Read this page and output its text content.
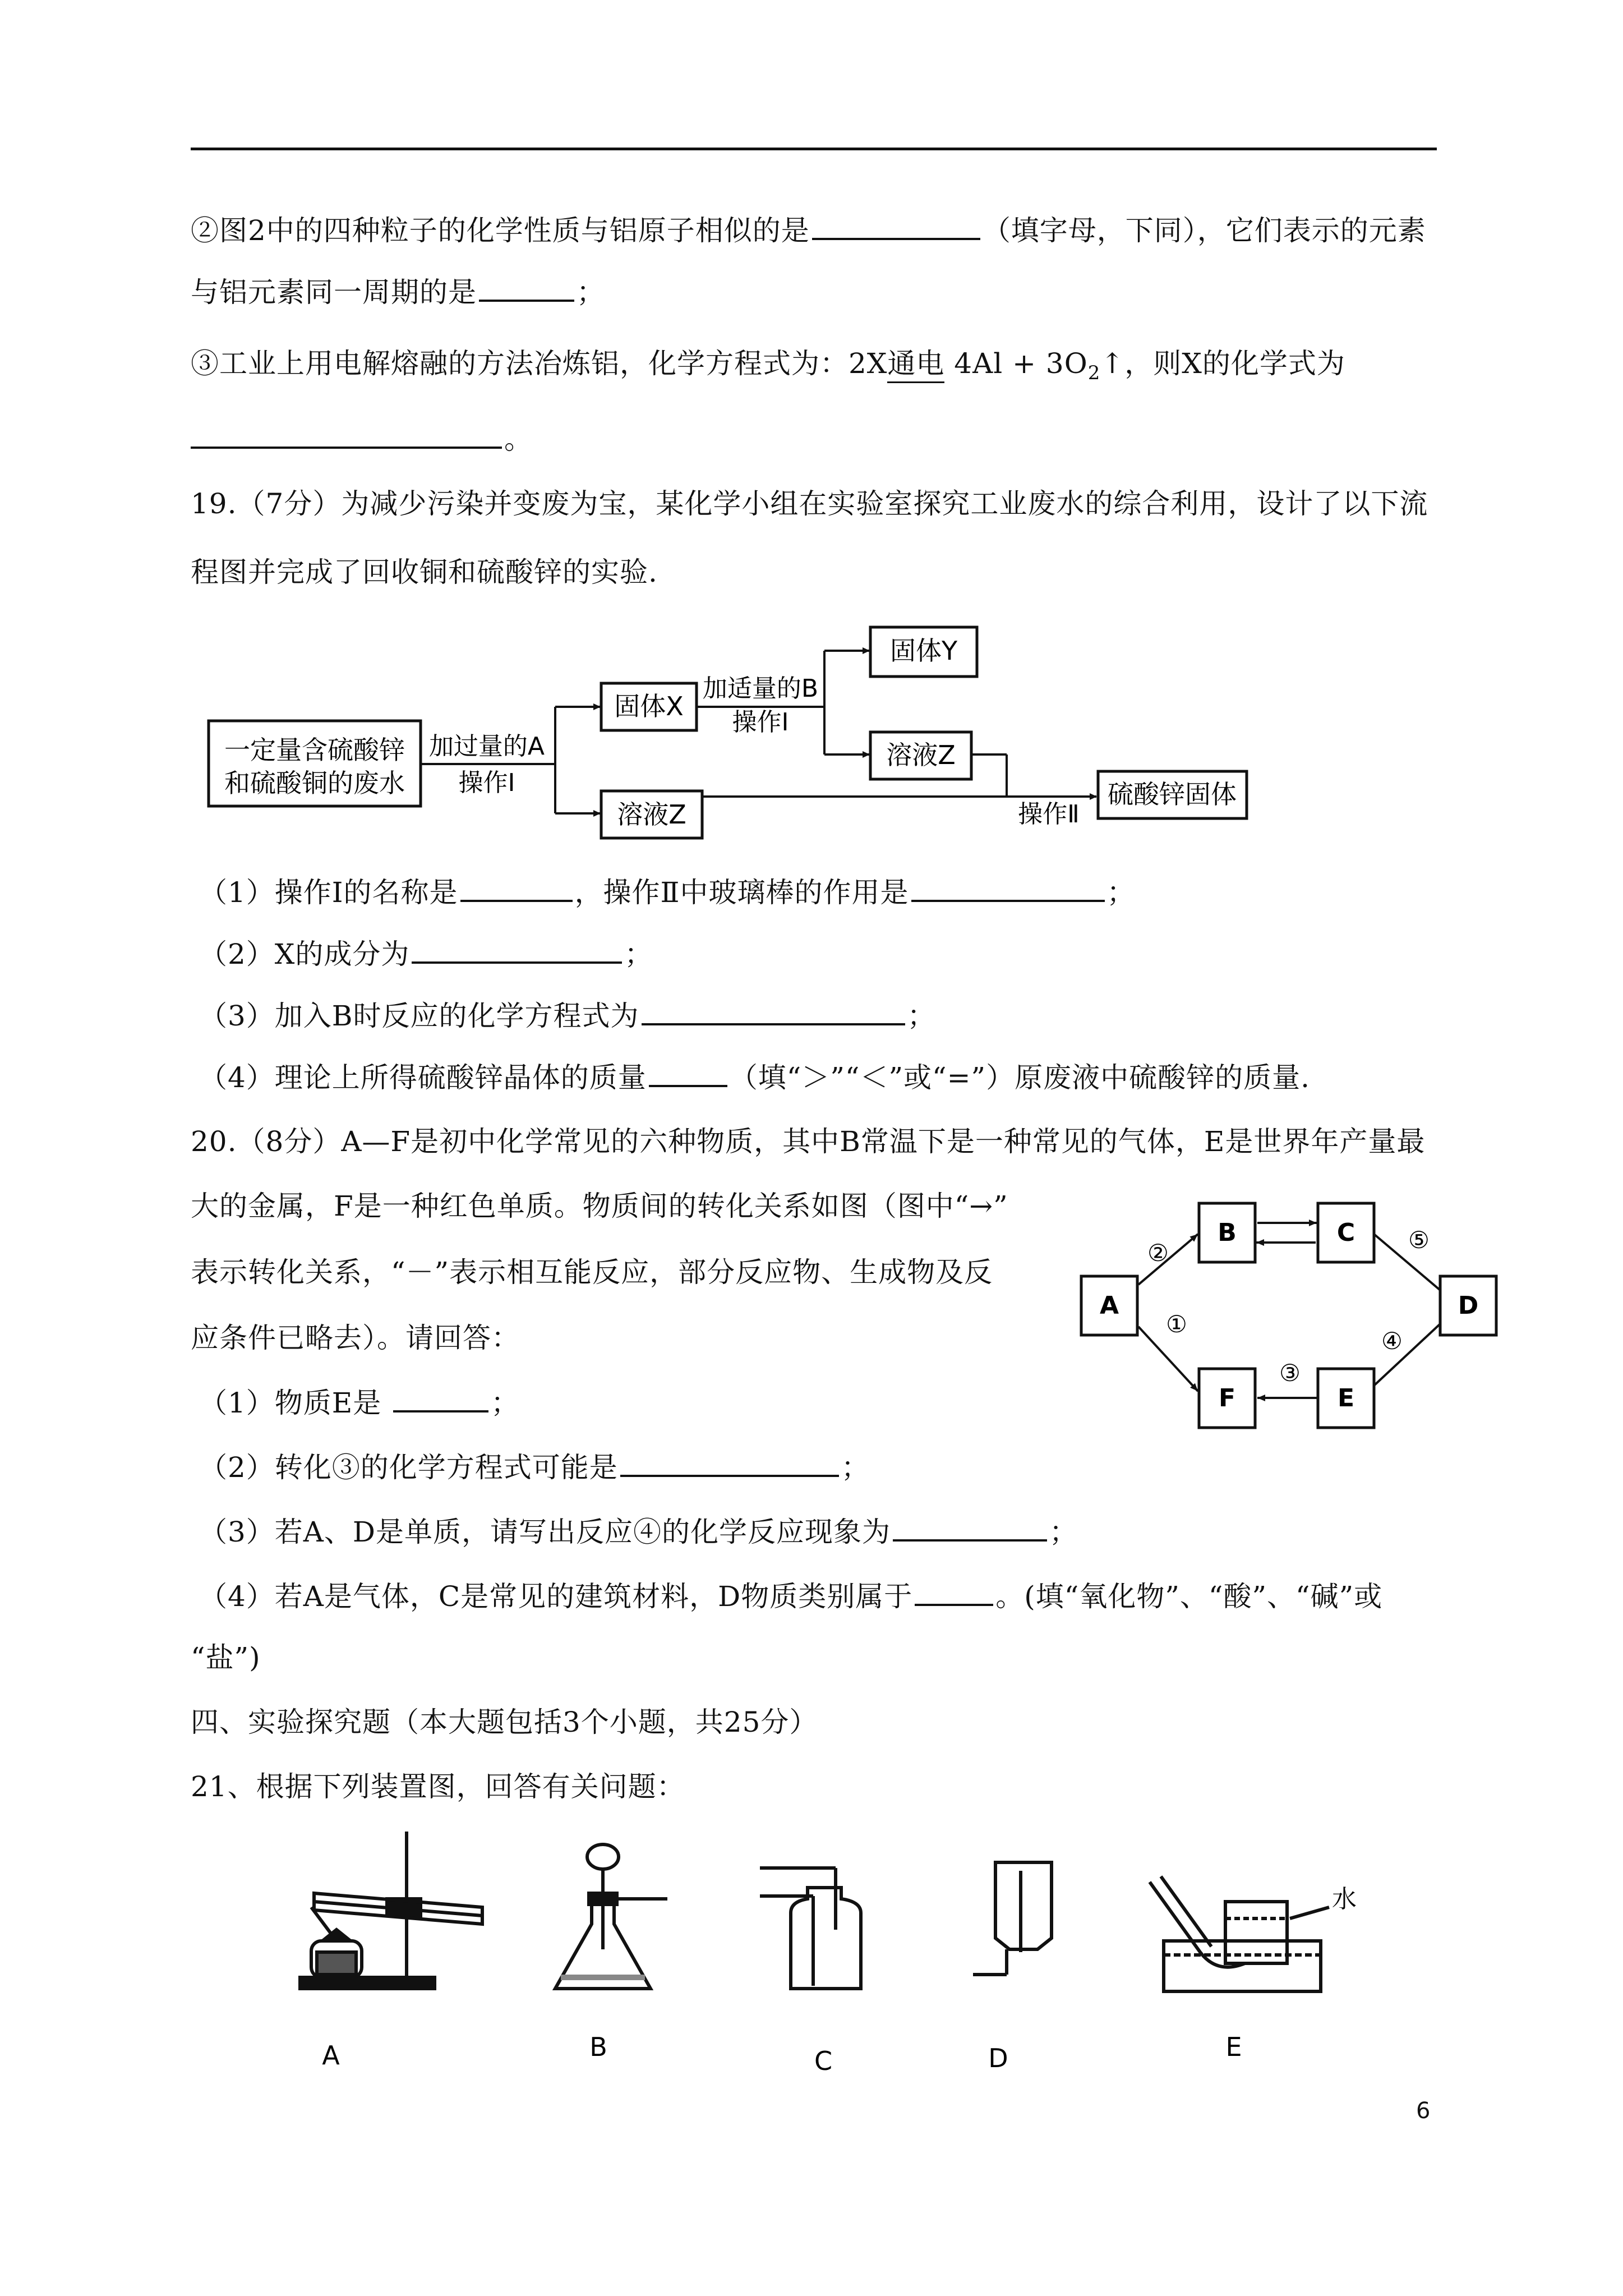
②图2中的四种粒子的化学性质与铝原子相似的是	（填字母，下同），它们表示的元素
与铝元素同一周期的是	；
③工业上用电解熔融的方法冶炼铝，化学方程式为：2X通电 $4Al + 3O_2↑$，则X的化学式为
。
19.（7分）为减少污染并变废为宝，某化学小组在实验室探究工业废水的综合利用，设计了以下流
程图并完成了回收铜和硫酸锌的实验.
一定量含硫酸锌
和硫酸铜的废水
加过量的A
操作Ⅰ
固体X
加适量的B
操作Ⅰ
固体Y
溶液Z
溶液Z	操作Ⅱ
硫酸锌固体
（1）操作Ⅰ的名称是	，操作Ⅱ中玻璃棒的作用是	；
（2）X的成分为	；
（3）加入B时反应的化学方程式为	；
（4）理论上所得硫酸锌晶体的质量	（填“＞”“＜”或“=”）原废液中硫酸锌的质量.
20.（8分）A—F是初中化学常见的六种物质，其中B常温下是一种常见的气体，E是世界年产量最
大的金属，F是一种红色单质。物质间的转化关系如图（图中“→”
表示转化关系，“－”表示相互能反应，部分反应物、生成物及反
应条件已略去）。请回答：
A
B	C
D
E
F
②
①
③
④
⑤
（1）物质E是	；
（2）转化③的化学方程式可能是	；
（3）若A、D是单质，请写出反应④的化学反应现象为	；
（4）若A是气体，C是常见的建筑材料，D物质类别属于	。(填“氧化物”、“酸”、“碱”或
“盐”)
四、实验探究题（本大题包括3个小题，共25分）
21、根据下列装置图，回答有关问题：
水
A	B	C	D	E
6
